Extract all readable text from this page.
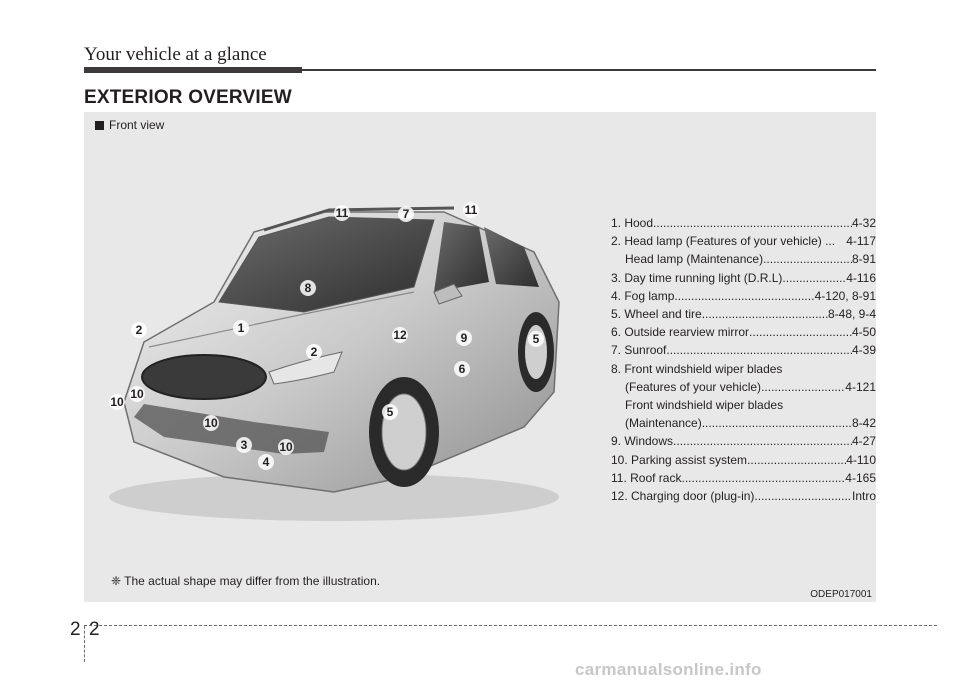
Your vehicle at a glance
EXTERIOR OVERVIEW
Front view
1
2
2
3
4
5
5
6
7
8
9
10
10
10
10
11	11
12
1. Hood .....	4-32
2. Head lamp (Features of your vehicle) ... 4-117
Head lamp (Maintenance) .....	8-91
3. Day time running light (D.R.L) .....	4-116
4. Fog lamp .....	4-120, 8-91
5. Wheel and tire .....	8-48, 9-4
6. Outside rearview mirror .....	4-50
7. Sunroof .....	4-39
8. Front windshield wiper blades
(Features of your vehicle) .....	4-121
Front windshield wiper blades
(Maintenance) .....	8-42
9. Windows .....	4-27
10. Parking assist system .....	4-110
11. Roof rack .....	4-165
12. Charging door (plug-in) .....	Intro
❈ The actual shape may differ from the illustration.
ODEP017001
2 2
carmanualsonline.info
